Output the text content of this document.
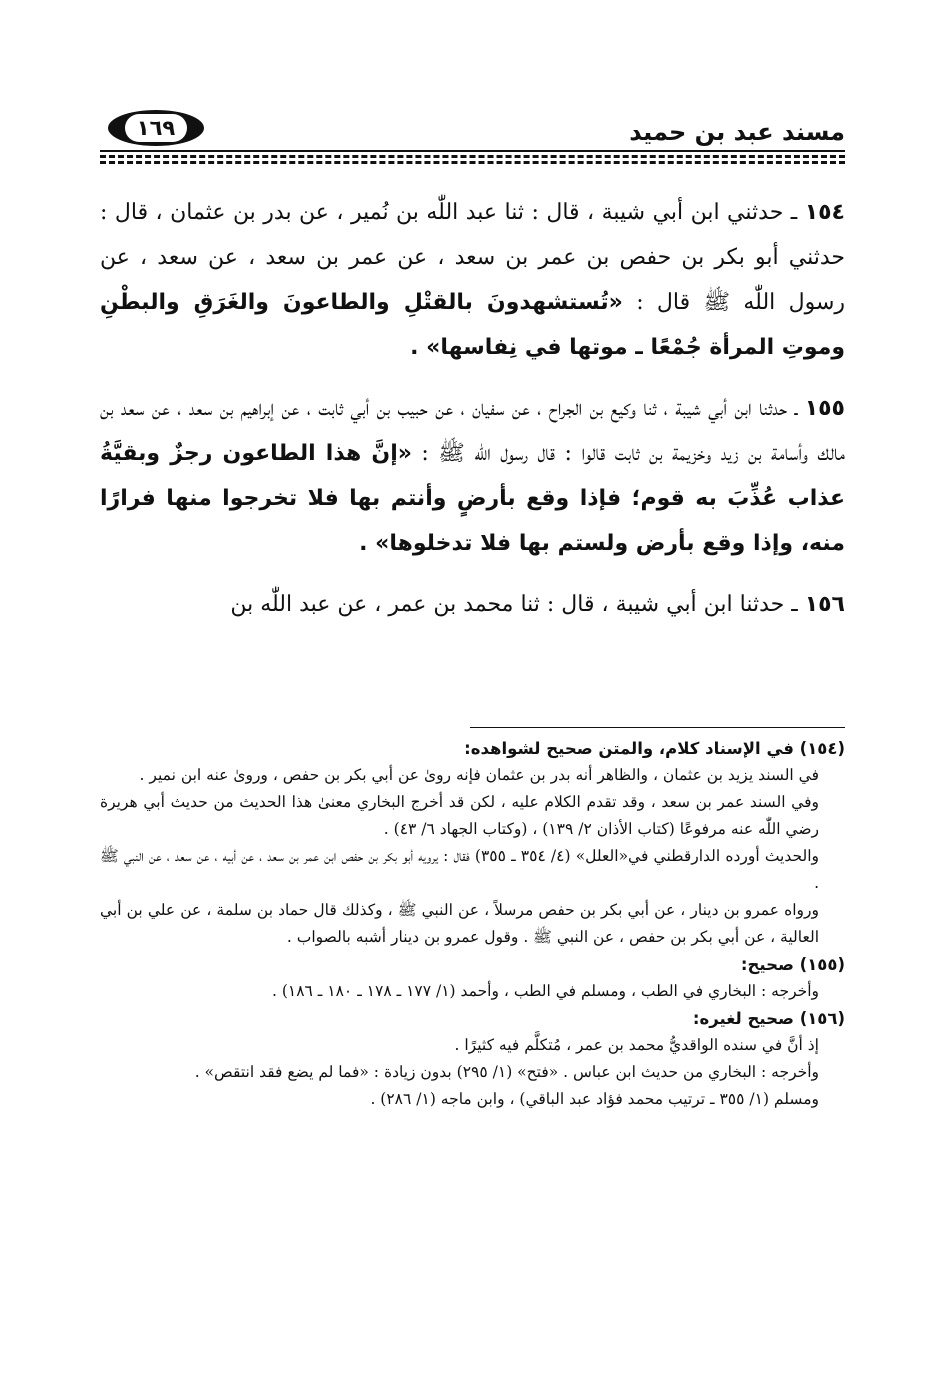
مسند عبد بن حميد
١٦٩

١٥٤ ـ حدثني ابن أبي شيبة ، قال : ثنا عبد اللّٰه بن نُمير ، عن بدر بن عثمان ، قال : حدثني أبو بكر بن حفص بن عمر بن سعد ، عن عمر بن سعد ، عن سعد ، عن رسول اللّٰه ﷺ قال : «تُستشهدونَ بالقتْلِ والطاعونَ والغَرَقِ والبطْنِ وموتِ المرأة جُمْعًا ـ موتها في نِفاسها» .

١٥٥ ـ حدثنا ابن أبي شيبة ، ثنا وكيع بن الجراح ، عن سفيان ، عن حبيب بن أبي ثابت ، عن إبراهيم بن سعد ، عن سعد بن مالك وأسامة بن زيد وخزيمة بن ثابت قالوا : قال رسول اللّٰه ﷺ : «إنَّ هذا الطاعون رجزٌ وبقيَّةُ عذاب عُذِّبَ به قوم؛ فإذا وقع بأرضٍ وأنتم بها فلا تخرجوا منها فرارًا منه، وإذا وقع بأرض ولستم بها فلا تدخلوها» .

١٥٦ ـ حدثنا ابن أبي شيبة ، قال : ثنا محمد بن عمر ، عن عبد اللّٰه بن

(١٥٤) في الإسناد كلام، والمتن صحيح لشواهده:

في السند يزيد بن عثمان ، والظاهر أنه بدر بن عثمان فإنه روىٰ عن أبي بكر بن حفص ، وروىٰ عنه ابن نمير .

وفي السند عمر بن سعد ، وقد تقدم الكلام عليه ، لكن قد أخرج البخاري معنىٰ هذا الحديث من حديث أبي هريرة رضي اللّٰه عنه مرفوعًا (كتاب الأذان ٢/ ١٣٩) ، (وكتاب الجهاد ٦/ ٤٣) .

والحديث أورده الدارقطني في«العلل» (٤/ ٣٥٤ ـ ٣٥٥) فقال : يرويه أبو بكر بن حفص ابن عمر بن سعد ، عن أبيه ، عن سعد ، عن النبي ﷺ .

ورواه عمرو بن دينار ، عن أبي بكر بن حفص مرسلاً ، عن النبي ﷺ ، وكذلك قال حماد بن سلمة ، عن علي بن أبي العالية ، عن أبي بكر بن حفص ، عن النبي ﷺ . وقول عمرو بن دينار أشبه بالصواب .

(١٥٥) صحيح:

وأخرجه : البخاري في الطب ، ومسلم في الطب ، وأحمد (١/ ١٧٧ ـ ١٧٨ ـ ١٨٠ ـ ١٨٦) .

(١٥٦) صحيح لغيره:

إذ أنَّ في سنده الواقديُّ محمد بن عمر ، مُتكلَّم فيه كثيرًا .

وأخرجه : البخاري من حديث ابن عباس . «فتح» (١/ ٢٩٥) بدون زيادة : «فما لم يضع فقد انتقص» .

ومسلم (١/ ٣٥٥ ـ ترتيب محمد فؤاد عبد الباقي) ، وابن ماجه (١/ ٢٨٦) .
